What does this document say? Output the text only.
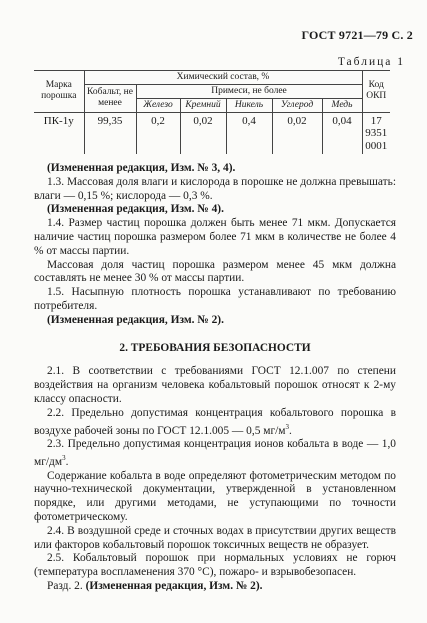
ГОСТ 9721—79 С. 2
Таблица 1
Марка порошка	Химический состав, %						Код ОКП
	Кобальт, не менее	Примеси, не более					
		Железо	Кремний	Никель	Углерод	Медь	
ПК-1у	99,35	0,2	0,02	0,4	0,02	0,04	17 9351
0001

(Измененная редакция, Изм. № 3, 4).

1.3. Массовая доля влаги и кислорода в порошке не должна превышать: влаги — 0,15 %; кислорода — 0,3 %.

(Измененная редакция, Изм. № 4).

1.4. Размер частиц порошка должен быть менее 71 мкм. Допускается наличие частиц порошка размером более 71 мкм в количестве не более 4 % от массы партии.

Массовая доля частиц порошка размером менее 45 мкм должна составлять не менее 30 % от массы партии.

1.5. Насыпную плотность порошка устанавливают по требованию потребителя.

(Измененная редакция, Изм. № 2).

2. ТРЕБОВАНИЯ БЕЗОПАСНОСТИ

2.1. В соответствии с требованиями ГОСТ 12.1.007 по степени воздействия на организм человека кобальтовый порошок относят к 2-му классу опасности.

2.2. Предельно допустимая концентрация кобальтового порошка в воздухе рабочей зоны по ГОСТ 12.1.005 — 0,5 $мг/м^3$.

2.3. Предельно допустимая концентрация ионов кобальта в воде — 1,0 $мг/дм^3$.

Содержание кобальта в воде определяют фотометрическим методом по научно-технической документации, утвержденной в установленном порядке, или другими методами, не уступающими по точности фотометрическому.

2.4. В воздушной среде и сточных водах в присутствии других веществ или факторов кобальтовый порошок токсичных веществ не образует.

2.5. Кобальтовый порошок при нормальных условиях не горюч (температура воспламенения 370 °С), пожаро- и взрывобезопасен.

Разд. 2. (Измененная редакция, Изм. № 2).
